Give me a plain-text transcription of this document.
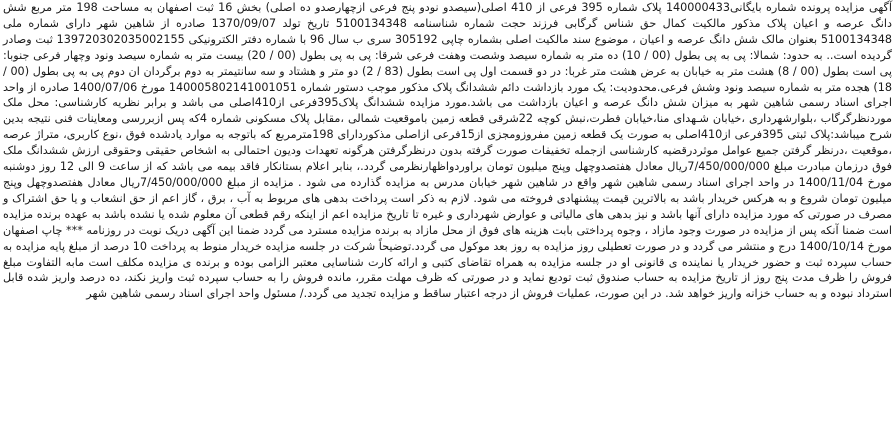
آگهی مزایده پرونده شماره بایگانی140000433 پلاک شماره 395 فرعی از 410 اصلی(سیصدو نودو پنج فرعی ازچهارصدو ده اصلی) بخش 16 ثبت اصفهان به مساحت 198 متر مربع شش دانگ عرصه و اعیان پلاک مذکور مالکیت کمال حق شناس گرگابی فرزند حجت شماره شناسنامه 5100134348 تاریخ تولد 1370/09/07 صادره از شاهین شهر دارای شماره ملی 5100134348 بعنوان مالک شش دانگ عرصه و اعیان ، موضوع سند مالکیت اصلی بشماره چاپی 305192 سری ب سال 96 با شماره دفتر الکترونیکی 139720302035002155 ثبت وصادر گردیده است.. به حدود: شمالا: پی به پی بطول (00 / 10) ده متر به شماره سیصد وشصت وهفت فرعی شرقا: پی به پی بطول (00 / 20) بیست متر به شماره سیصد ونود وچهار فرعی جنوبا: پی است بطول (00 / 8) هشت متر به خیابان به عرض هشت متر غربا: در دو قسمت اول پی است بطول (83 / 2) دو متر و هشتاد و سه سانتیمتر به دوم برگردان ان دوم پی به پی بطول (00 / 18) هجده متر به شماره سیصد ونود وشش فرعی.محدودیت: یک مورد بازداشت دائم ششدانگ پلاک مذکور موجب دستور شماره 140005802141001051 مورخ 1400/07/06 صادره از واحد اجرای اسناد رسمی شاهین شهر به میزان شش دانگ عرصه و اعیان بازداشت می باشد.مورد مزایده ششدانگ پلاک395فرعی از410اصلی می باشد و برابر نظریه کارشناسی: محل ملک موردنظرگرگاب ،بلوارشهرداری ،خیابان شـهدای منا،خیابان فطرت،نبش کوچه 22شرقی قطعه زمین باموقعیت شمالی ،مقابل پلاک مسکونی شماره 4که پس ازبررسی ومعاینات فنی نتیجه بدین شرح میباشد:پلاک ثبتی 395فرعی از410اصلی به صورت یک قطعه زمین مفروزومجزی از15فرعی ازاصلی مذکوردارای 198مترمربع که باتوجه به موارد یادشده فوق ،نوع کاربری، متراژ عرصه ،موقعیت ،درنظر گرفتن جمیع عوامل موثردرقضیه کارشناسی ازجمله تخفیفات صورت گرفته بدون درنظرگرفتن هرگونه تعهدات ودیون احتمالی به اشخاص حقیقی وحقوقی ارزش ششدانگ ملک فوق درزمان مبادرت مبلغ 7/450/000/000ریال معادل هفتصدوچهل وپنج میلیون تومان براوردواظهارنظرمی گردد.، بنابر اعلام بستانکار فاقد بیمه می باشد که از ساعت 9 الی 12 روز دوشنبه مورخ 1400/11/04 در واحد اجرای اسناد رسمی شاهین شهر واقع در شاهین شهر خیابان مدرس به مزایده گذارده می شود . مزایده از مبلغ 7/450/000/000ریال معادل هفتصدوچهل وپنج میلیون تومان شروع و به هرکس خریدار باشد به بالاترین قیمت پیشنهادی فروخته می شود. لازم به ذکر است پرداخت بدهی های مربوط به آب ، برق ، گاز اعم از حق انشعاب و یا حق اشتراک و مصرف در صورتی که مورد مزایده دارای آنها باشد و نیز بدهی های مالیاتی و عوارض شهرداری و غیره تا تاریخ مزایده اعم از اینکه رقم قطعی آن معلوم شده یا نشده باشد به عهده برنده مزایده است ضمنا آنکه پس از مزایده در صورت وجود مازاد ، وجوه پرداختی بابت هزینه های فوق از محل مازاد به برنده مزایده مسترد می گردد ضمنا این آگهی دریک نوبت در روزنامه *** چاپ اصفهان مورخ 1400/10/14 درج و منتشر می گردد و در صورت تعطیلی روز مزایده به روز بعد موکول می گردد.توضیحاً شرکت در جلسه مزایده خریدار منوط به پرداخت 10 درصد از مبلغ پایه مزایده به حساب سپرده ثبت و حضور خریدار یا نماینده ی قانونی او در جلسه مزایده به همراه تقاضای کتبی و ارائه کارت شناسایی معتبر الزامی بوده و برنده ی مزایده مکلف است مابه التفاوت مبلغ فروش را ظرف مدت پنج روز از تاریخ مزایده به حساب صندوق ثبت تودیع نماید و در صورتی که ظرف مهلت مقرر، مانده فروش را به حساب سپرده ثبت واریز نکند، ده درصد واریز شده قابل استرداد نبوده و به حساب خزانه واریز خواهد شد. در این صورت، عملیات فروش از درجه اعتبار ساقط و مزایده تجدید می گردد./ مسئول واحد اجرای اسناد رسمی شاهین شهر
